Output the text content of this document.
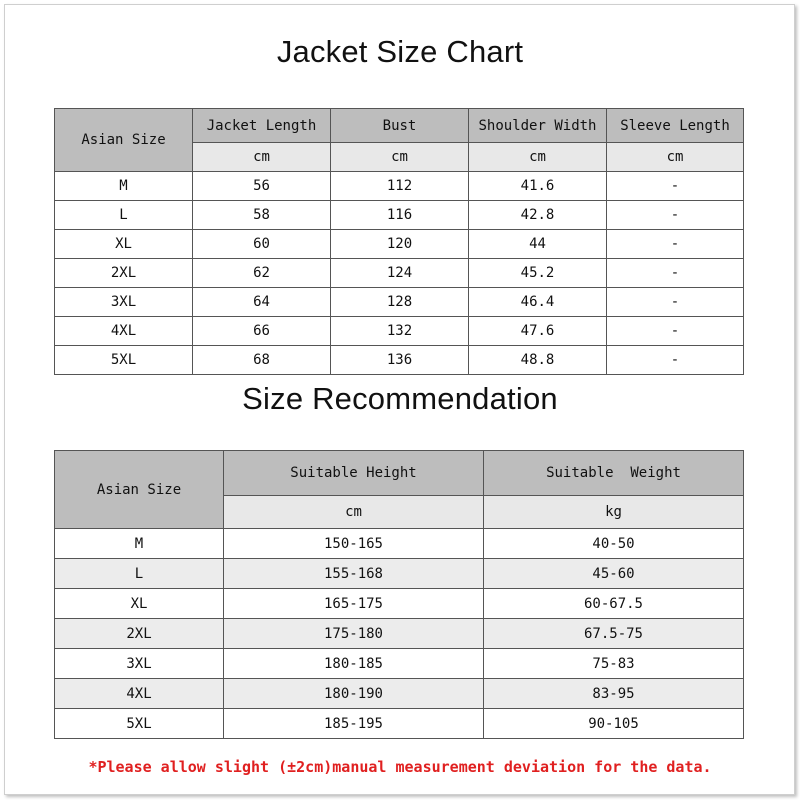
Jacket Size Chart
Asian Size	Jacket Length	Bust	Shoulder Width	Sleeve Length
	cm	cm	cm	cm
M	56	112	41.6	-
L	58	116	42.8	-
XL	60	120	44	-
2XL	62	124	45.2	-
3XL	64	128	46.4	-
4XL	66	132	47.6	-
5XL	68	136	48.8	-
Size Recommendation
Asian Size	Suitable Height	Suitable  Weight
	cm	kg
M	150-165	40-50
L	155-168	45-60
XL	165-175	60-67.5
2XL	175-180	67.5-75
3XL	180-185	75-83
4XL	180-190	83-95
5XL	185-195	90-105
*Please allow slight (±2cm)manual measurement deviation for the data.
